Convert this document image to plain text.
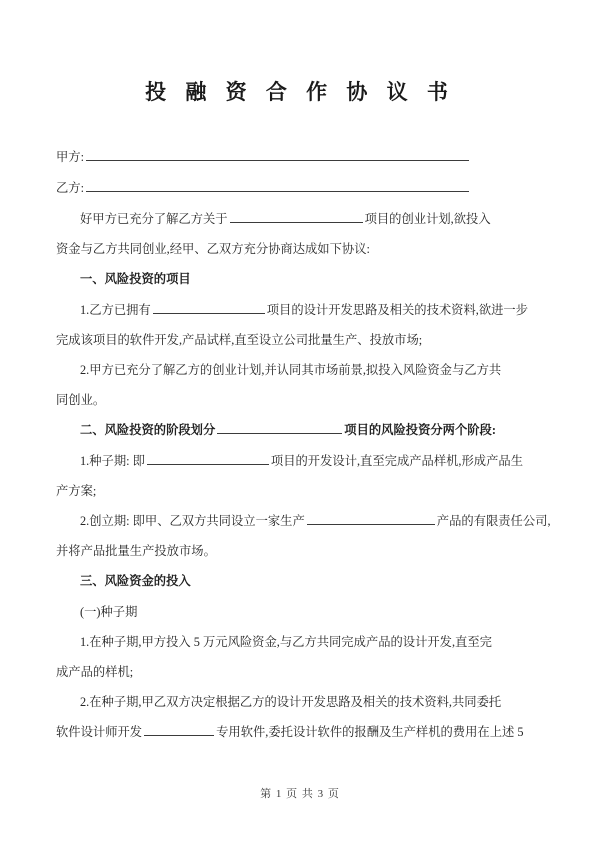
投 融 资 合 作 协 议 书
甲方:
乙方:
好甲方已充分了解乙方关于	项目的创业计划,欲投入
资金与乙方共同创业,经甲、乙双方充分协商达成如下协议:
一、风险投资的项目
1.乙方已拥有	项目的设计开发思路及相关的技术资料,欲进一步
完成该项目的软件开发,产品试样,直至设立公司批量生产、投放市场;
2.甲方已充分了解乙方的创业计划,并认同其市场前景,拟投入风险资金与乙方共
同创业。
二、风险投资的阶段划分	项目的风险投资分两个阶段:
1.种子期: 即	项目的开发设计,直至完成产品样机,形成产品生
产方案;
2.创立期: 即甲、乙双方共同设立一家生产	产品的有限责任公司,
并将产品批量生产投放市场。
三、风险资金的投入
(一)种子期
1.在种子期,甲方投入 5 万元风险资金,与乙方共同完成产品的设计开发,直至完
成产品的样机;
2.在种子期,甲乙双方决定根据乙方的设计开发思路及相关的技术资料,共同委托
软件设计师开发	专用软件,委托设计软件的报酬及生产样机的费用在上述 5
第 1 页 共 3 页
